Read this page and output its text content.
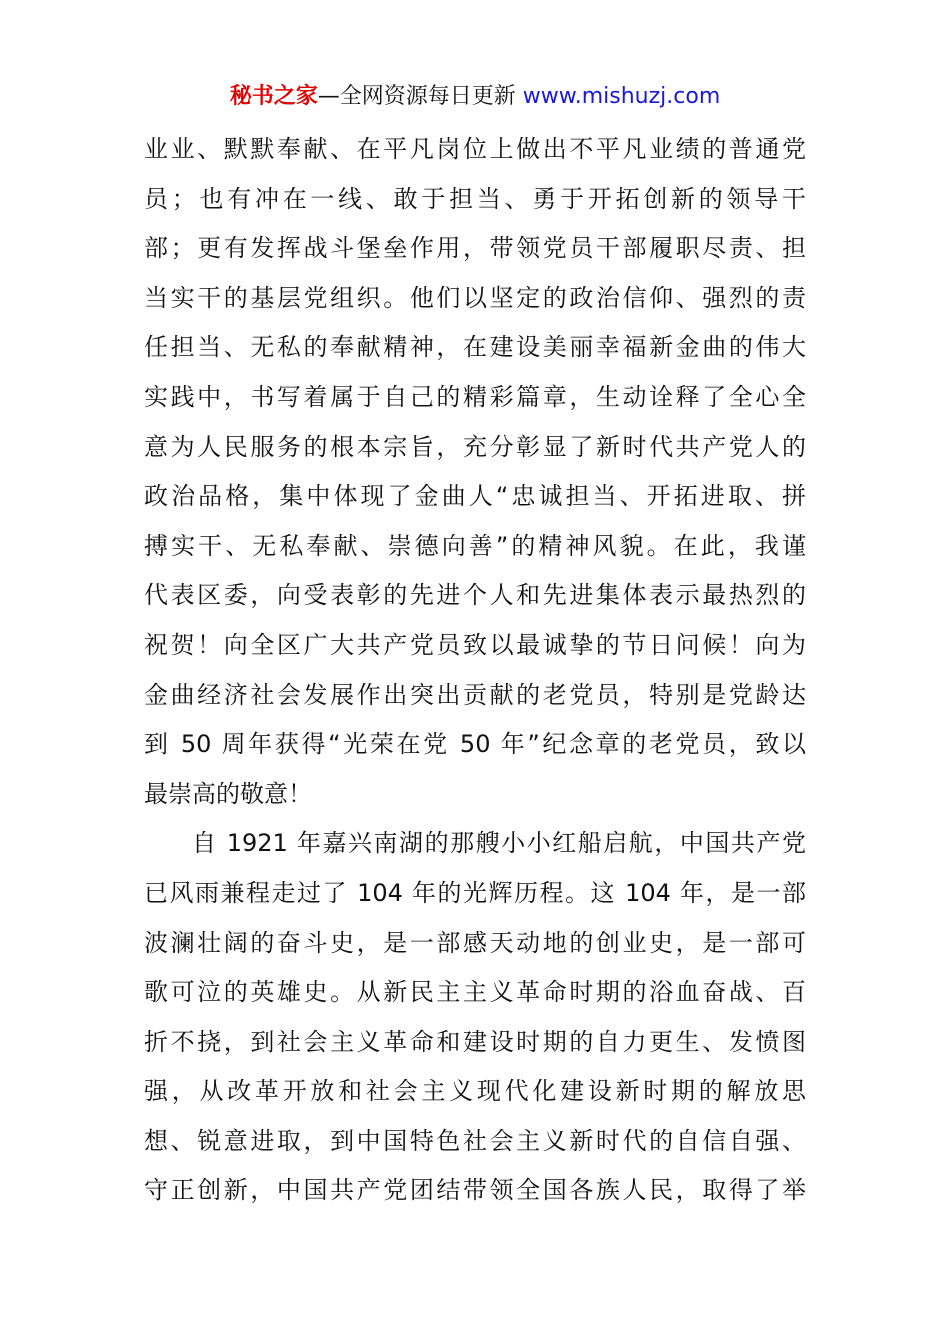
秘书之家—全网资源每日更新 www.mishuzj.com
业业、默默奉献、在平凡岗位上做出不平凡业绩的普通党
员；也有冲在一线、敢于担当、勇于开拓创新的领导干
部；更有发挥战斗堡垒作用，带领党员干部履职尽责、担
当实干的基层党组织。他们以坚定的政治信仰、强烈的责
任担当、无私的奉献精神，在建设美丽幸福新金曲的伟大
实践中，书写着属于自己的精彩篇章，生动诠释了全心全
意为人民服务的根本宗旨，充分彰显了新时代共产党人的
政治品格，集中体现了金曲人“忠诚担当、开拓进取、拼
搏实干、无私奉献、崇德向善”的精神风貌。在此，我谨
代表区委，向受表彰的先进个人和先进集体表示最热烈的
祝贺！向全区广大共产党员致以最诚挚的节日问候！向为
金曲经济社会发展作出突出贡献的老党员，特别是党龄达
到 50 周年获得“光荣在党 50 年”纪念章的老党员，致以
最崇高的敬意！
自 1921 年嘉兴南湖的那艘小小红船启航，中国共产党
已风雨兼程走过了 104 年的光辉历程。这 104 年，是一部
波澜壮阔的奋斗史，是一部感天动地的创业史，是一部可
歌可泣的英雄史。从新民主主义革命时期的浴血奋战、百
折不挠，到社会主义革命和建设时期的自力更生、发愤图
强，从改革开放和社会主义现代化建设新时期的解放思
想、锐意进取，到中国特色社会主义新时代的自信自强、
守正创新，中国共产党团结带领全国各族人民，取得了举
